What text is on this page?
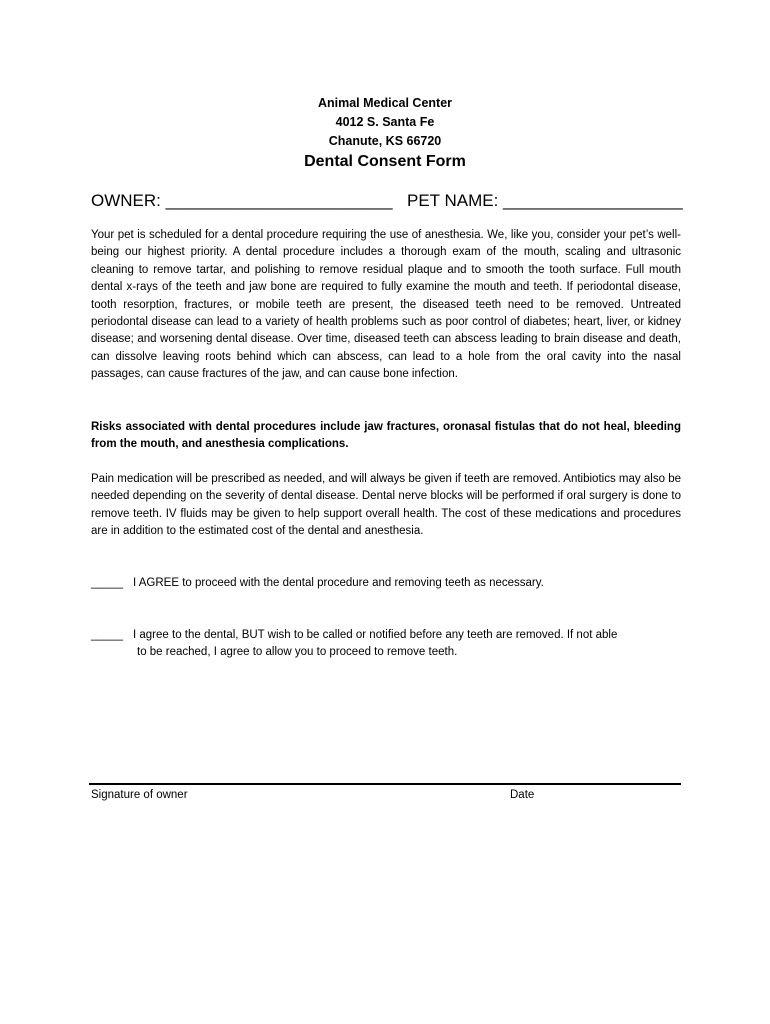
Animal Medical Center
4012 S. Santa Fe
Chanute, KS 66720
Dental Consent Form
OWNER: ________________________ PET NAME: ___________________

Your pet is scheduled for a dental procedure requiring the use of anesthesia. We, like you, consider your pet’s well-being our highest priority. A dental procedure includes a thorough exam of the mouth, scaling and ultrasonic cleaning to remove tartar, and polishing to remove residual plaque and to smooth the tooth surface. Full mouth dental x-rays of the teeth and jaw bone are required to fully examine the mouth and teeth. If periodontal disease, tooth resorption, fractures, or mobile teeth are present, the diseased teeth need to be removed. Untreated periodontal disease can lead to a variety of health problems such as poor control of diabetes; heart, liver, or kidney disease; and worsening dental disease. Over time, diseased teeth can abscess leading to brain disease and death, can dissolve leaving roots behind which can abscess, can lead to a hole from the oral cavity into the nasal passages, can cause fractures of the jaw, and can cause bone infection.

Risks associated with dental procedures include jaw fractures, oronasal fistulas that do not heal, bleeding from the mouth, and anesthesia complications.

Pain medication will be prescribed as needed, and will always be given if teeth are removed. Antibiotics may also be needed depending on the severity of dental disease. Dental nerve blocks will be performed if oral surgery is done to remove teeth. IV fluids may be given to help support overall health. The cost of these medications and procedures are in addition to the estimated cost of the dental and anesthesia.

_____ I AGREE to proceed with the dental procedure and removing teeth as necessary.
_____ I agree to the dental, BUT wish to be called or notified before any teeth are removed. If not able
to be reached, I agree to allow you to proceed to remove teeth.
Signature of owner	Date
